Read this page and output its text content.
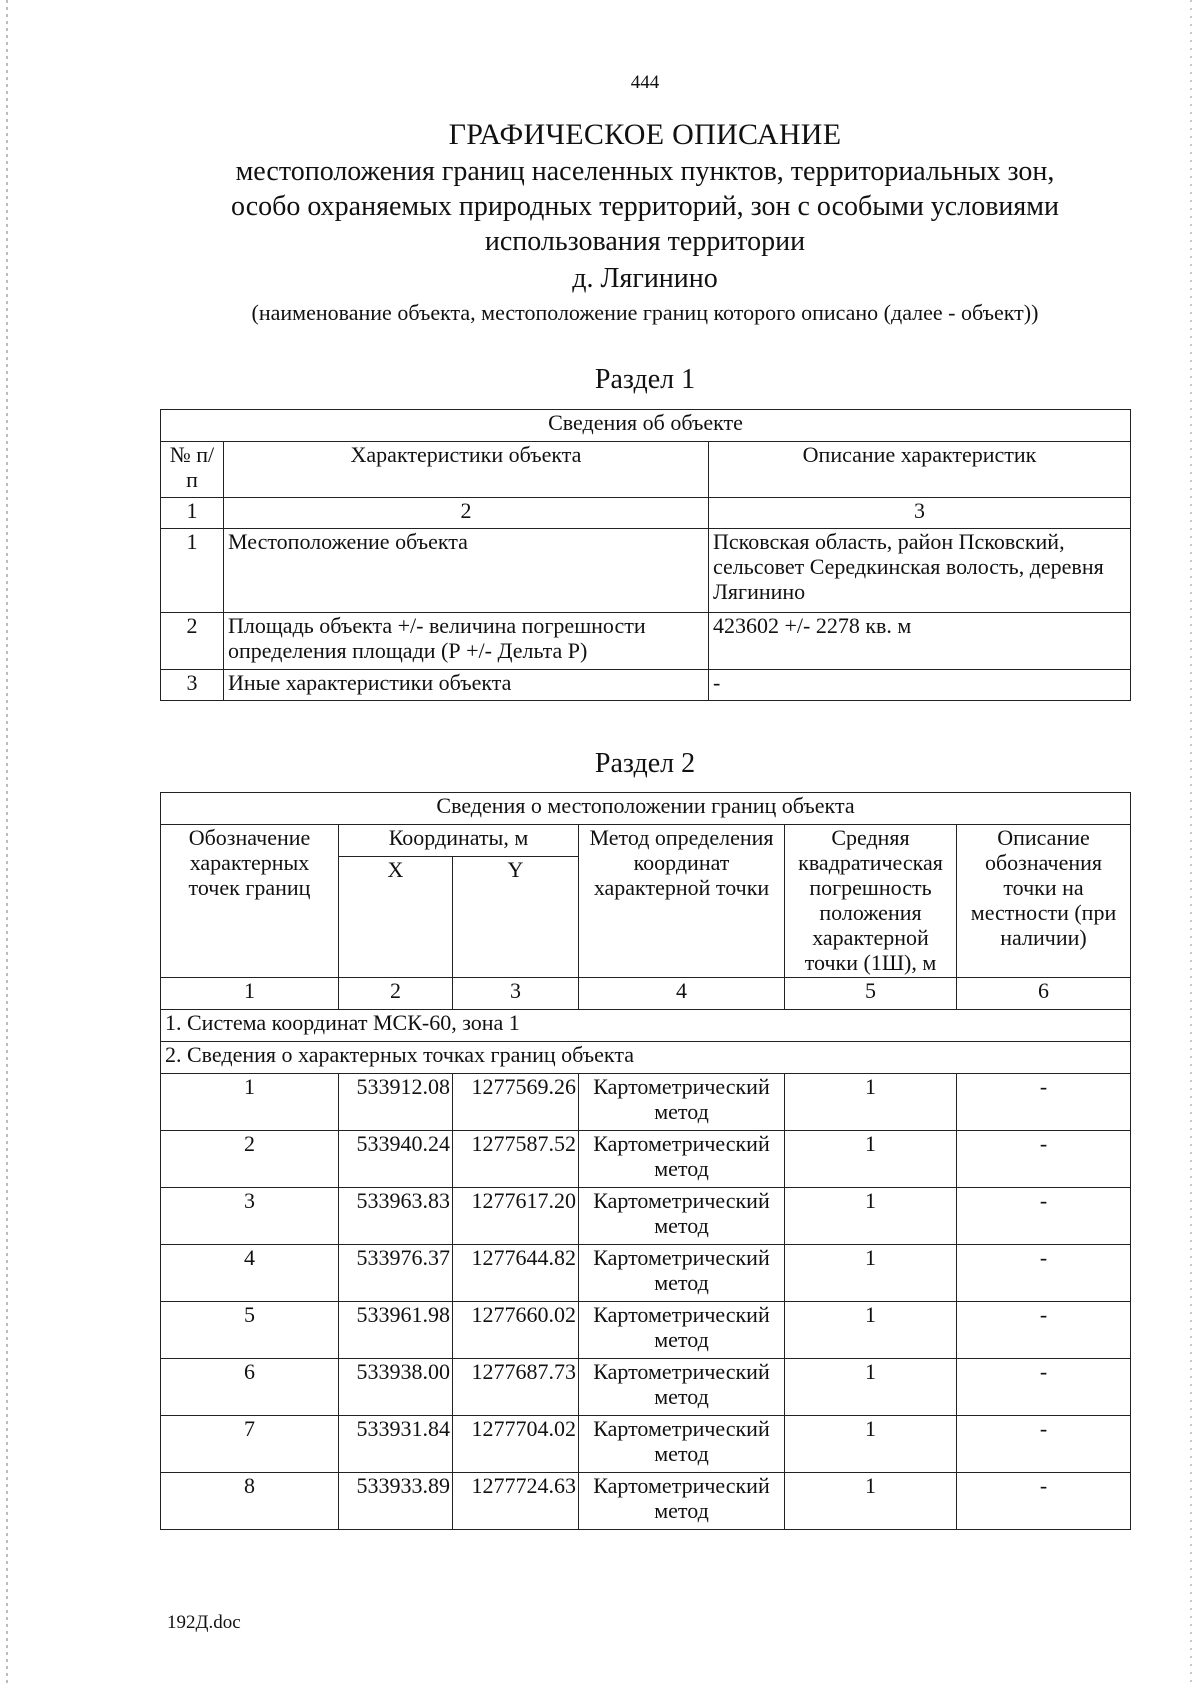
444
ГРАФИЧЕСКОЕ ОПИСАНИЕ
местоположения границ населенных пунктов, территориальных зон,
особо охраняемых природных территорий, зон с особыми условиями
использования территории
д. Лягинино
(наименование объекта, местоположение границ которого описано (далее - объект))
Раздел 1
Сведения об объекте		
№ п/п	Характеристики объекта	Описание характеристик
1	2	3
1	Местоположение объекта	Псковская область, район Псковский, сельсовет Середкинская волость, деревня Лягинино
2	Площадь объекта +/- величина погрешности определения площади (Р +/- Дельта Р)	423602 +/- 2278 кв. м
3	Иные характеристики объекта	-
Раздел 2
Сведения о местоположении границ объекта					
Обозначение характерных точек границ	Координаты, м		Метод определения координат характерной точки	Средняя квадратическая погрешность положения характерной точки (1Ш), м	Описание обозначения точки на местности (при наличии)
	X	Y			
1	2	3	4	5	6
1. Система координат МСК-60, зона 1					
2. Сведения о характерных точках границ объекта					
1	533912.08	1277569.26	Картометрический метод	1	-
2	533940.24	1277587.52	Картометрический метод	1	-
3	533963.83	1277617.20	Картометрический метод	1	-
4	533976.37	1277644.82	Картометрический метод	1	-
5	533961.98	1277660.02	Картометрический метод	1	-
6	533938.00	1277687.73	Картометрический метод	1	-
7	533931.84	1277704.02	Картометрический метод	1	-
8	533933.89	1277724.63	Картометрический метод	1	-
192Д.doc
